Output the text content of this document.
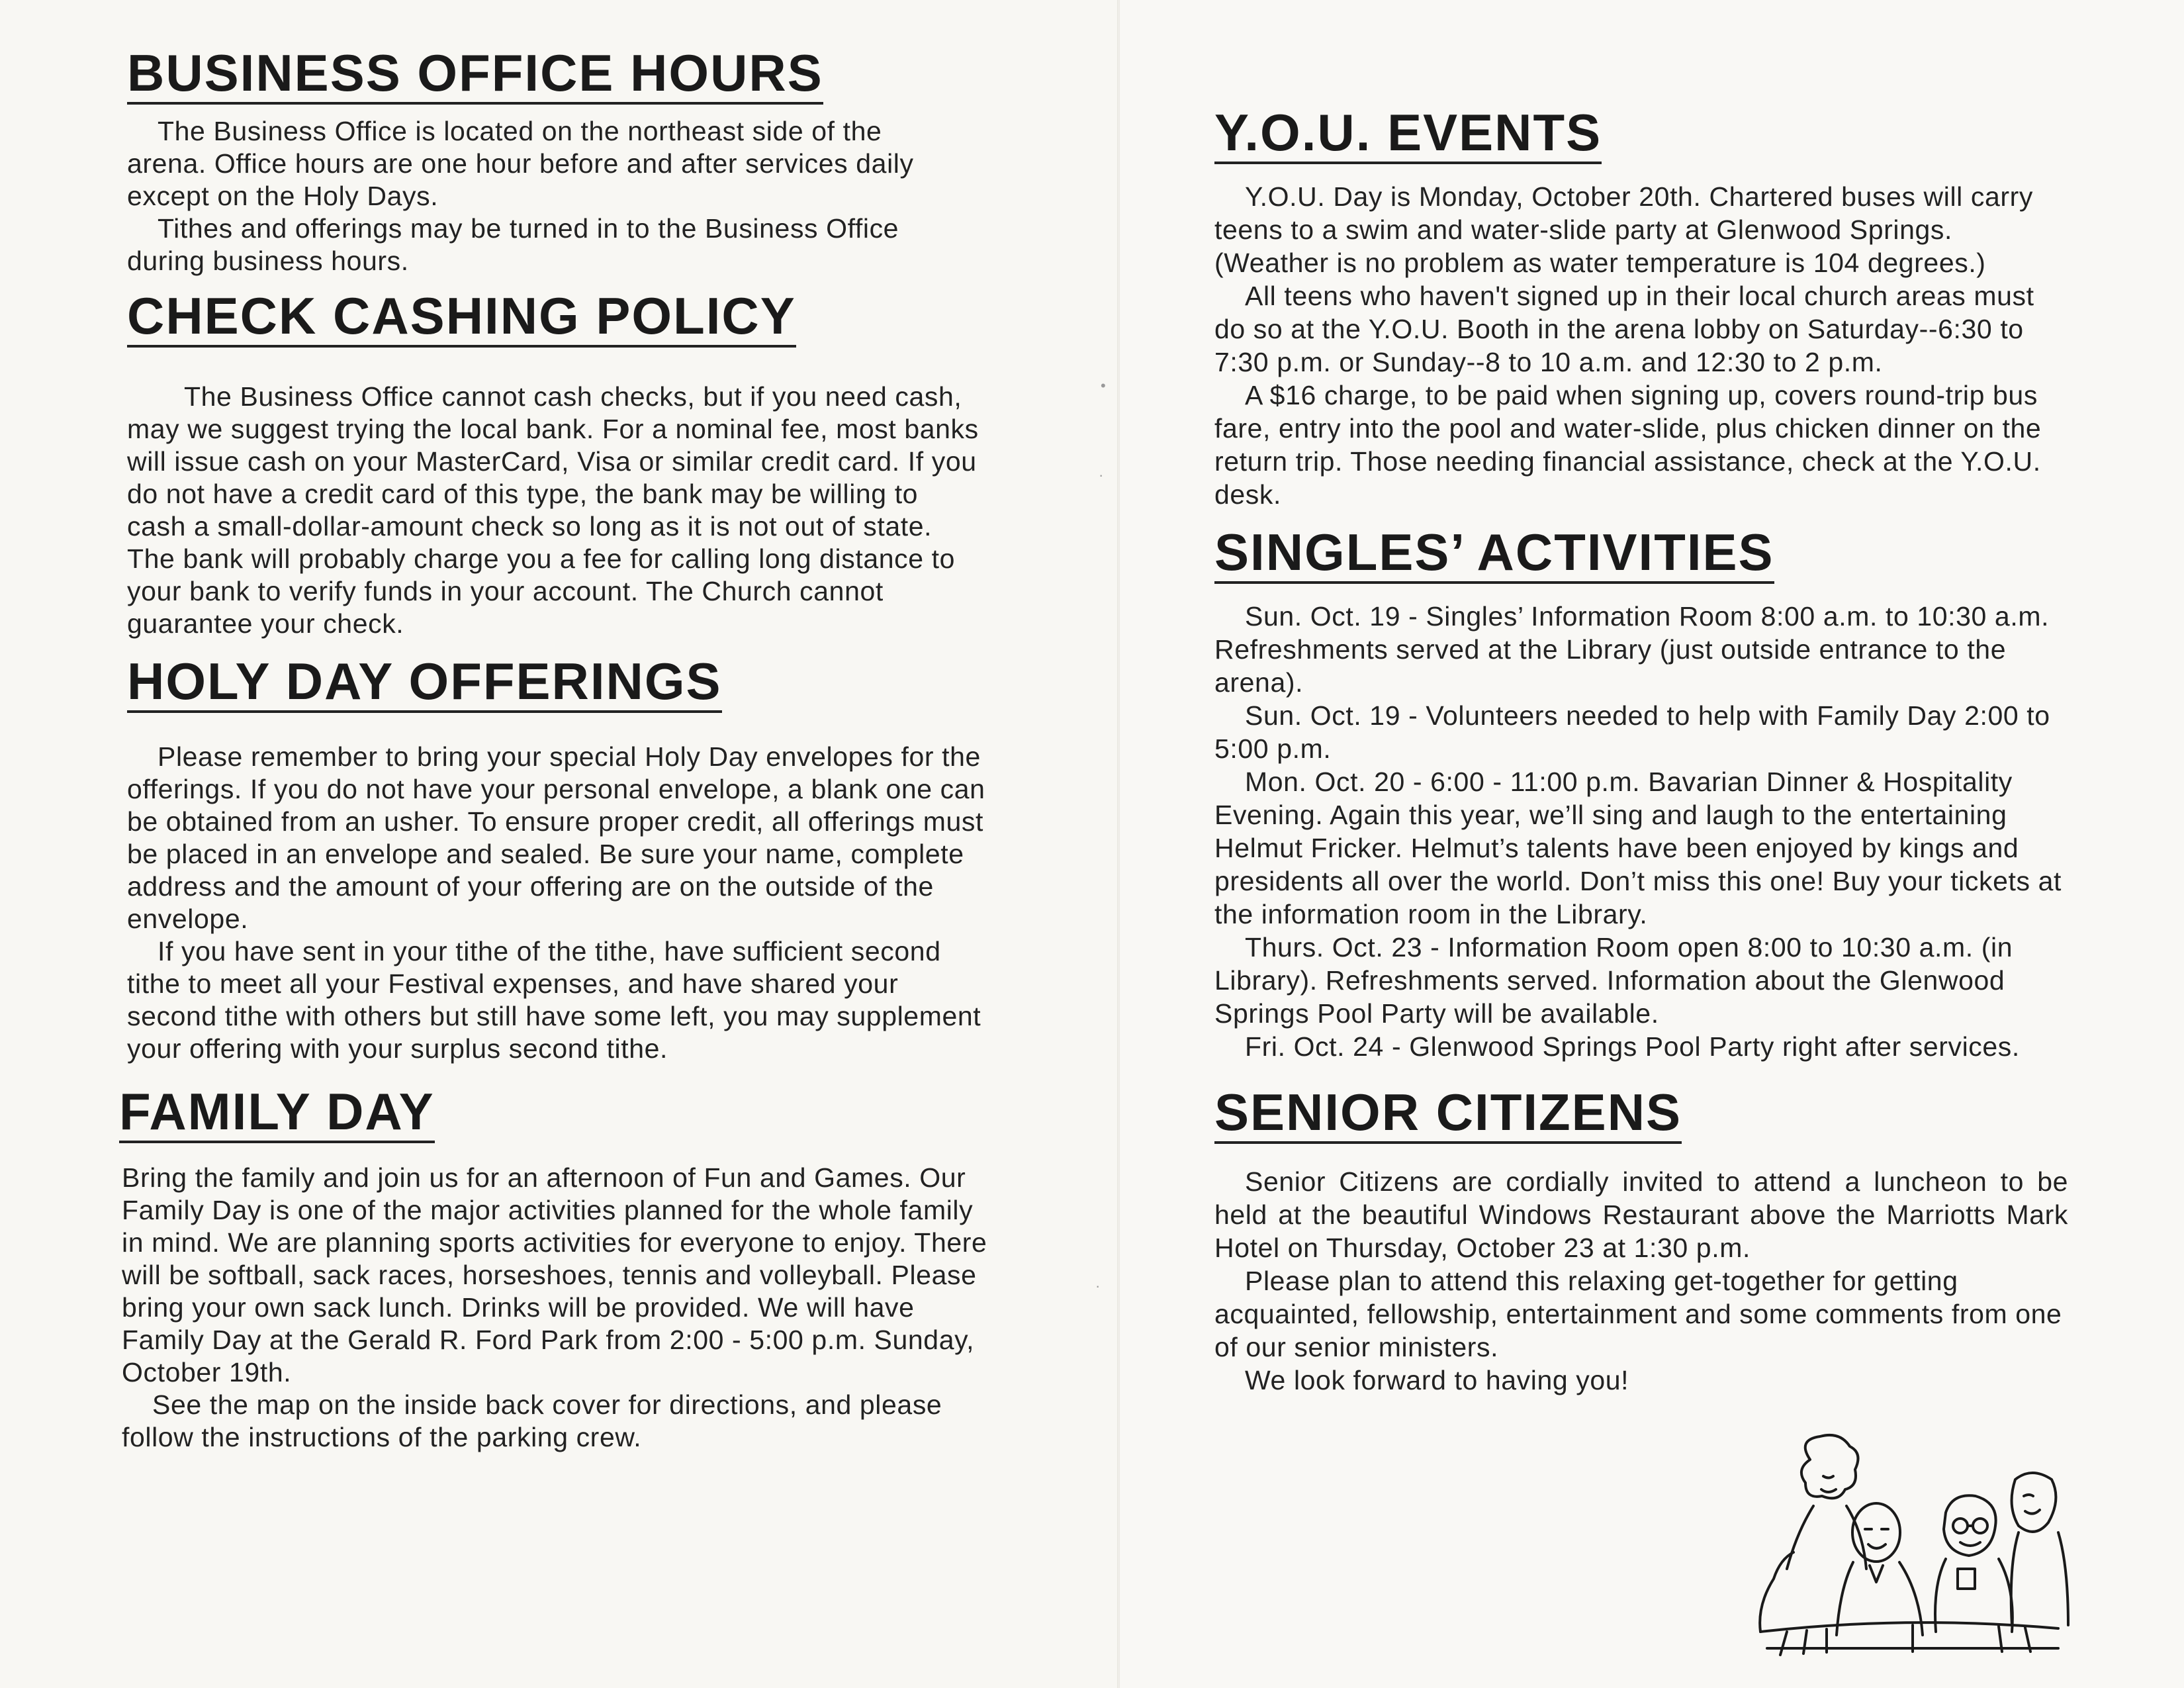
BUSINESS OFFICE HOURS

The Business Office is located on the northeast side of the arena. Office hours are one hour before and after services daily except on the Holy Days.

Tithes and offerings may be turned in to the Business Office during business hours.

CHECK CASHING POLICY

The Business Office cannot cash checks, but if you need cash, may we suggest trying the local bank. For a nominal fee, most banks will issue cash on your MasterCard, Visa or similar credit card. If you do not have a credit card of this type, the bank may be willing to cash a small-dollar-amount check so long as it is not out of state. The bank will probably charge you a fee for calling long distance to your bank to verify funds in your account. The Church cannot guarantee your check.

HOLY DAY OFFERINGS

Please remember to bring your special Holy Day envelopes for the offerings. If you do not have your personal envelope, a blank one can be obtained from an usher. To ensure proper credit, all offerings must be placed in an envelope and sealed. Be sure your name, complete address and the amount of your offering are on the outside of the envelope.

If you have sent in your tithe of the tithe, have sufficient second tithe to meet all your Festival expenses, and have shared your second tithe with others but still have some left, you may supplement your offering with your surplus second tithe.

FAMILY DAY

Bring the family and join us for an afternoon of Fun and Games. Our Family Day is one of the major activities planned for the whole family in mind. We are planning sports activities for everyone to enjoy. There will be softball, sack races, horseshoes, tennis and volleyball. Please bring your own sack lunch. Drinks will be provided. We will have Family Day at the Gerald R. Ford Park from 2:00 - 5:00 p.m. Sunday, October 19th.

See the map on the inside back cover for directions, and please follow the instructions of the parking crew.

Y.O.U. EVENTS

Y.O.U. Day is Monday, October 20th. Chartered buses will carry teens to a swim and water-slide party at Glenwood Springs. (Weather is no problem as water temperature is 104 degrees.)

All teens who haven't signed up in their local church areas must do so at the Y.O.U. Booth in the arena lobby on Saturday--6:30 to 7:30 p.m. or Sunday--8 to 10 a.m. and 12:30 to 2 p.m.

A $16 charge, to be paid when signing up, covers round-trip bus fare, entry into the pool and water-slide, plus chicken dinner on the return trip. Those needing financial assistance, check at the Y.O.U. desk.

SINGLES’ ACTIVITIES

Sun. Oct. 19 - Singles’ Information Room 8:00 a.m. to 10:30 a.m. Refreshments served at the Library (just outside entrance to the arena).

Sun. Oct. 19 - Volunteers needed to help with Family Day 2:00 to 5:00 p.m.

Mon. Oct. 20 - 6:00 - 11:00 p.m. Bavarian Dinner & Hospitality Evening. Again this year, we’ll sing and laugh to the entertaining Helmut Fricker. Helmut’s talents have been enjoyed by kings and presidents all over the world. Don’t miss this one! Buy your tickets at the information room in the Library.

Thurs. Oct. 23 - Information Room open 8:00 to 10:30 a.m. (in Library). Refreshments served. Information about the Glenwood Springs Pool Party will be available.

Fri. Oct. 24 - Glenwood Springs Pool Party right after services.

SENIOR CITIZENS

Senior Citizens are cordially invited to attend a luncheon to be held at the beautiful Windows Restaurant above the Marriotts Mark Hotel on Thursday, October 23 at 1:30 p.m.

Please plan to attend this relaxing get-together for getting acquainted, fellowship, entertainment and some comments from one of our senior ministers.

We look forward to having you!

•
·
·
